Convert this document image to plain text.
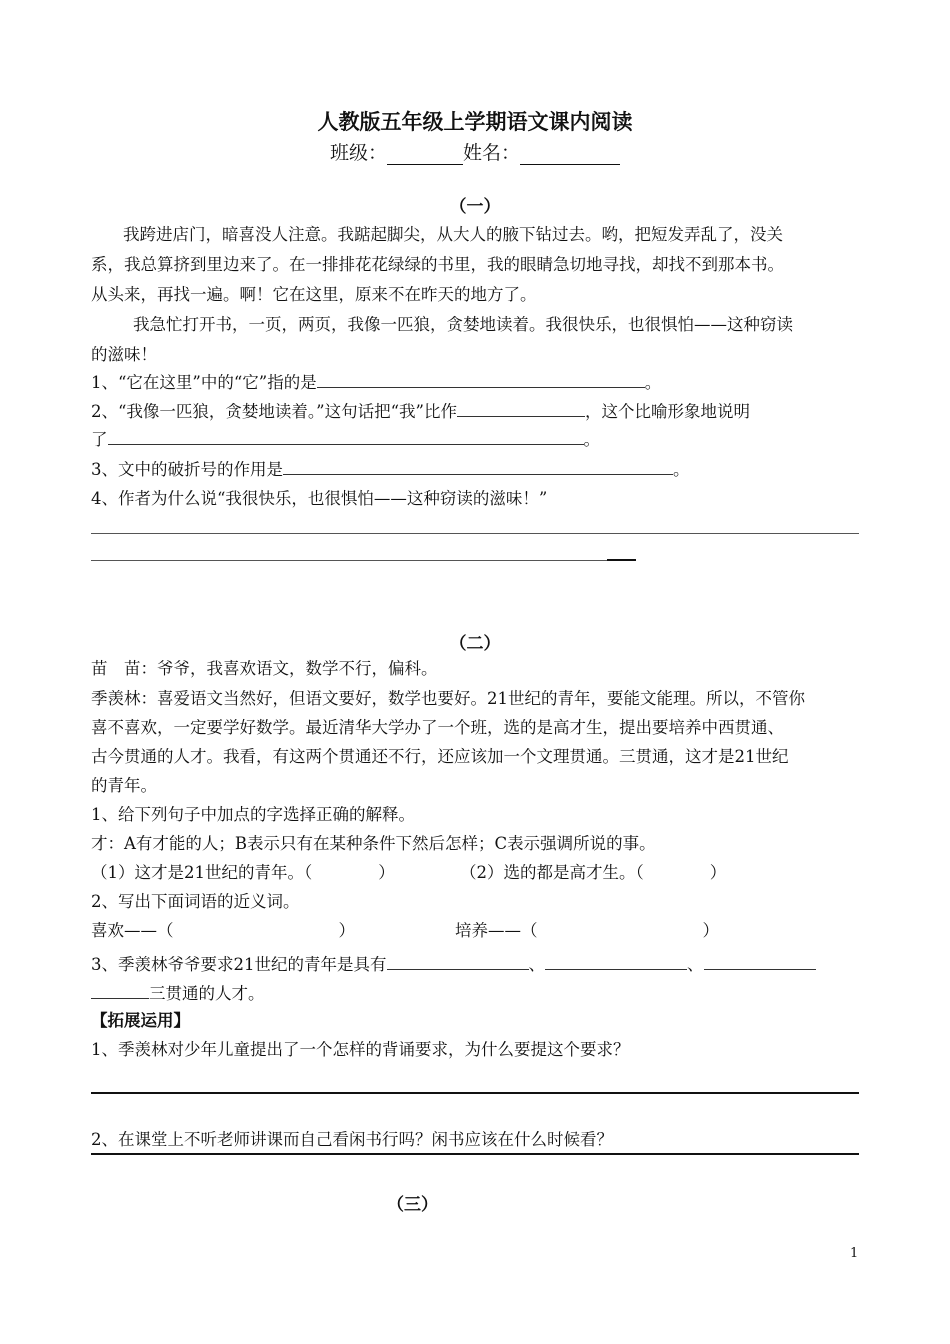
人教版五年级上学期语文课内阅读
班级：	姓名：
（一）
我跨进店门，暗喜没人注意。我踮起脚尖，从大人的腋下钻过去。哟，把短发弄乱了，没关
系，我总算挤到里边来了。在一排排花花绿绿的书里，我的眼睛急切地寻找，却找不到那本书。
从头来，再找一遍。啊！它在这里，原来不在昨天的地方了。
我急忙打开书，一页，两页，我像一匹狼，贪婪地读着。我很快乐，也很惧怕——这种窃读
的滋味！
1、“它在这里”中的“它”指的是	。
2、“我像一匹狼，贪婪地读着。”这句话把“我”比作	，这个比喻形象地说明
了	。
3、文中的破折号的作用是	。
4、作者为什么说“我很快乐，也很惧怕——这种窃读的滋味！”
（二）
苗　苗：爷爷，我喜欢语文，数学不行，偏科。
季羡林：喜爱语文当然好，但语文要好，数学也要好。21世纪的青年，要能文能理。所以，不管你
喜不喜欢，一定要学好数学。最近清华大学办了一个班，选的是高才生，提出要培养中西贯通、
古今贯通的人才。我看，有这两个贯通还不行，还应该加一个文理贯通。三贯通，这才是21世纪
的青年。
1、给下列句子中加点的字选择正确的解释。
才：A有才能的人；B表示只有在某种条件下然后怎样；C表示强调所说的事。
（1）这才是21世纪的青年。（　　　　）	（2）选的都是高才生。（　　　　）
2、写出下面词语的近义词。
喜欢——（　　　　　　　　　　）	培养——（　　　　　　　　　　）
3、季羡林爷爷要求21世纪的青年是具有	、	、
三贯通的人才。
【拓展运用】
1、季羡林对少年儿童提出了一个怎样的背诵要求，为什么要提这个要求？
2、在课堂上不听老师讲课而自己看闲书行吗？闲书应该在什么时候看？
（三）
1
